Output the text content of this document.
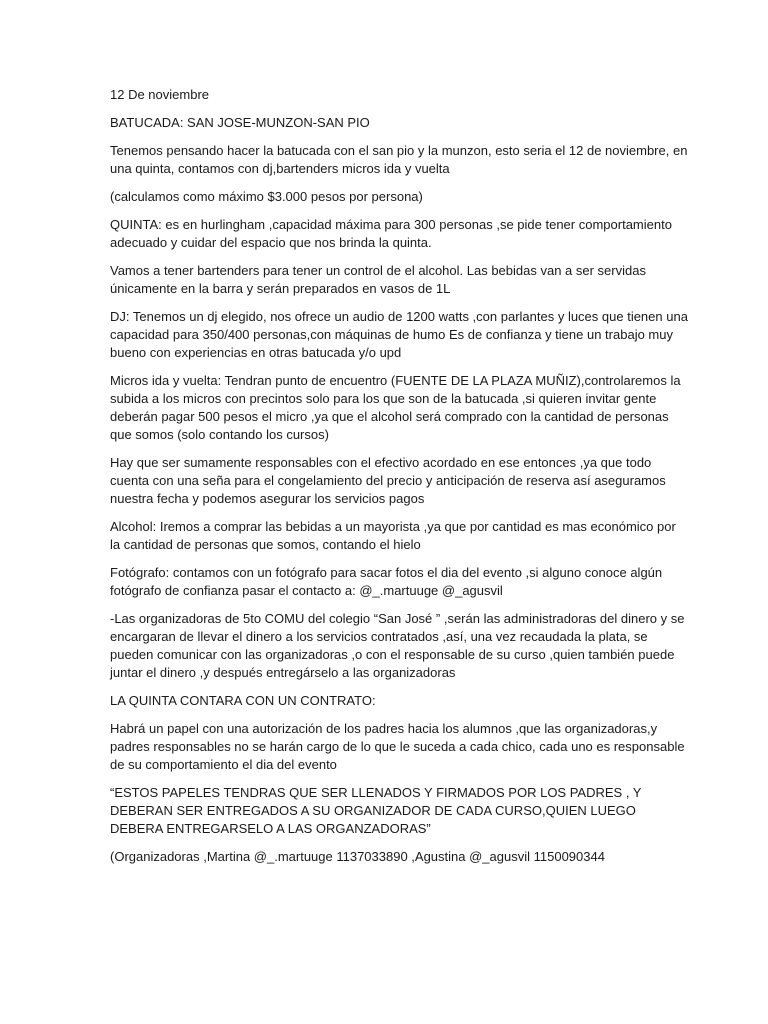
12 De noviembre

BATUCADA: SAN JOSE-MUNZON-SAN PIO

Tenemos pensando hacer la batucada con el san pio y la munzon, esto seria el 12 de noviembre, en una quinta, contamos con dj,bartenders micros ida y vuelta

(calculamos como máximo $3.000 pesos por persona)

QUINTA: es en hurlingham ,capacidad máxima para 300 personas ,se pide tener comportamiento adecuado y cuidar del espacio que nos brinda la quinta.

Vamos a tener bartenders para tener un control de el alcohol. Las bebidas van a ser servidas únicamente en la barra y serán preparados en vasos de 1L

DJ: Tenemos un dj elegido, nos ofrece un audio de 1200 watts ,con parlantes y luces que tienen una capacidad para 350/400 personas,con máquinas de humo Es de confianza y tiene un trabajo muy bueno con experiencias en otras batucada y/o upd

Micros ida y vuelta: Tendran punto de encuentro (FUENTE DE LA PLAZA MUÑIZ),controlaremos la subida a los micros con precintos solo para los que son de la batucada ,si quieren invitar gente deberán pagar 500 pesos el micro ,ya que el alcohol será comprado con la cantidad de personas que somos (solo contando los cursos)

Hay que ser sumamente responsables con el efectivo acordado en ese entonces ,ya que todo cuenta con una seña para el congelamiento del precio y anticipación de reserva así aseguramos nuestra fecha y podemos asegurar los servicios pagos

Alcohol: Iremos a comprar las bebidas a un mayorista ,ya que por cantidad es mas económico por la cantidad de personas que somos, contando el hielo

Fotógrafo: contamos con un fotógrafo para sacar fotos el dia del evento ,si alguno conoce algún fotógrafo de confianza pasar el contacto a: @_.martuuge @_agusvil

-Las organizadoras de 5to COMU del colegio “San José ” ,serán las administradoras del dinero y se encargaran de llevar el dinero a los servicios contratados ,así, una vez recaudada la plata, se pueden comunicar con las organizadoras ,o con el responsable de su curso ,quien también puede juntar el dinero ,y después entregárselo a las organizadoras

LA QUINTA CONTARA CON UN CONTRATO:

Habrá un papel con una autorización de los padres hacia los alumnos ,que las organizadoras,y padres responsables no se harán cargo de lo que le suceda a cada chico, cada uno es responsable de su comportamiento el dia del evento

“ESTOS PAPELES TENDRAS QUE SER LLENADOS Y FIRMADOS POR LOS PADRES , Y DEBERAN SER ENTREGADOS A SU ORGANIZADOR DE CADA CURSO,QUIEN LUEGO DEBERA ENTREGARSELO A LAS ORGANZADORAS”

(Organizadoras ,Martina @_.martuuge 1137033890 ,Agustina @_agusvil 1150090344
